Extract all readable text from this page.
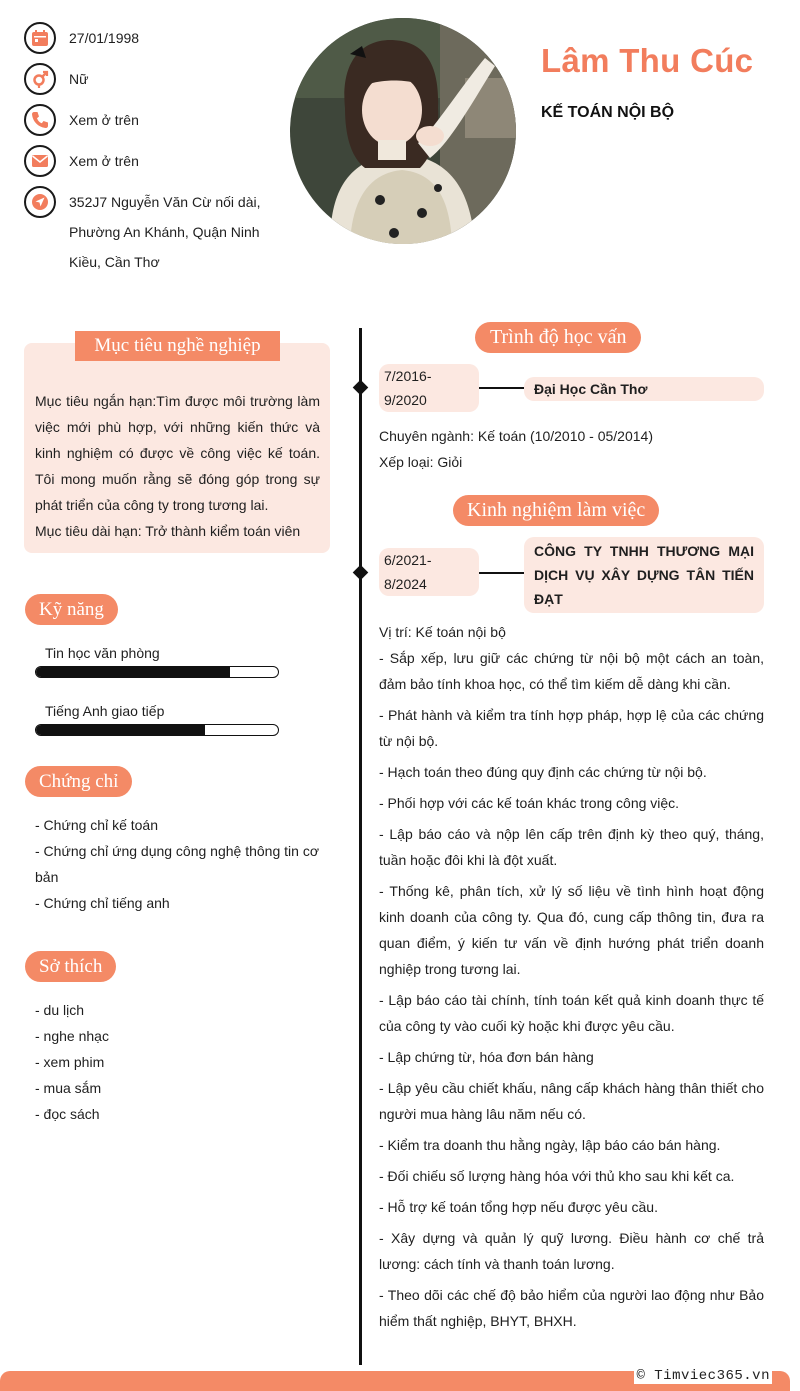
27/01/1998
Nữ
Xem ở trên
Xem ở trên
352J7 Nguyễn Văn Cừ nối dài, Phường An Khánh, Quận Ninh Kiều, Cần Thơ
Lâm Thu Cúc
KẾ TOÁN NỘI BỘ
Mục tiêu nghề nghiệp
Mục tiêu ngắn hạn:Tìm được môi trường làm việc mới phù hợp, với những kiến thức và kinh nghiệm có được về công việc kế toán. Tôi mong muốn rằng sẽ đóng góp trong sự phát triển của công ty trong tương lai.
Mục tiêu dài hạn: Trở thành kiểm toán viên
Kỹ năng
Tin học văn phòng
Tiếng Anh giao tiếp
Chứng chỉ
- Chứng chỉ kế toán
- Chứng chỉ ứng dụng công nghệ thông tin cơ bản
- Chứng chỉ tiếng anh
Sở thích
- du lịch
- nghe nhạc
- xem phim
- mua sắm
- đọc sách
Trình độ học vấn
7/2016-
9/2020
Đại Học Cần Thơ
Chuyên ngành: Kế toán (10/2010 - 05/2014)
Xếp loại: Giỏi
Kinh nghiệm làm việc
6/2021-
8/2024
CÔNG TY TNHH THƯƠNG MẠI DỊCH VỤ XÂY DỰNG TÂN TIẾN ĐẠT
Vị trí: Kế toán nội bộ

- Sắp xếp, lưu giữ các chứng từ nội bộ một cách an toàn, đảm bảo tính khoa học, có thể tìm kiếm dễ dàng khi cần.

- Phát hành và kiểm tra tính hợp pháp, hợp lệ của các chứng từ nội bộ.

- Hạch toán theo đúng quy định các chứng từ nội bộ.

- Phối hợp với các kế toán khác trong công việc.

- Lập báo cáo và nộp lên cấp trên định kỳ theo quý, tháng, tuần hoặc đôi khi là đột xuất.

- Thống kê, phân tích, xử lý số liệu về tình hình hoạt động kinh doanh của công ty. Qua đó, cung cấp thông tin, đưa ra quan điểm, ý kiến tư vấn về định hướng phát triển doanh nghiệp trong tương lai.

- Lập báo cáo tài chính, tính toán kết quả kinh doanh thực tế của công ty vào cuối kỳ hoặc khi được yêu cầu.

- Lập chứng từ, hóa đơn bán hàng

- Lập yêu cầu chiết khấu, nâng cấp khách hàng thân thiết cho người mua hàng lâu năm nếu có.

- Kiểm tra doanh thu hằng ngày, lập báo cáo bán hàng.

- Đối chiếu số lượng hàng hóa với thủ kho sau khi kết ca.

- Hỗ trợ kế toán tổng hợp nếu được yêu cầu.

- Xây dựng và quản lý quỹ lương. Điều hành cơ chế trả lương: cách tính và thanh toán lương.

- Theo dõi các chế độ bảo hiểm của người lao động như Bảo hiểm thất nghiệp, BHYT, BHXH.

© Timviec365.vn
